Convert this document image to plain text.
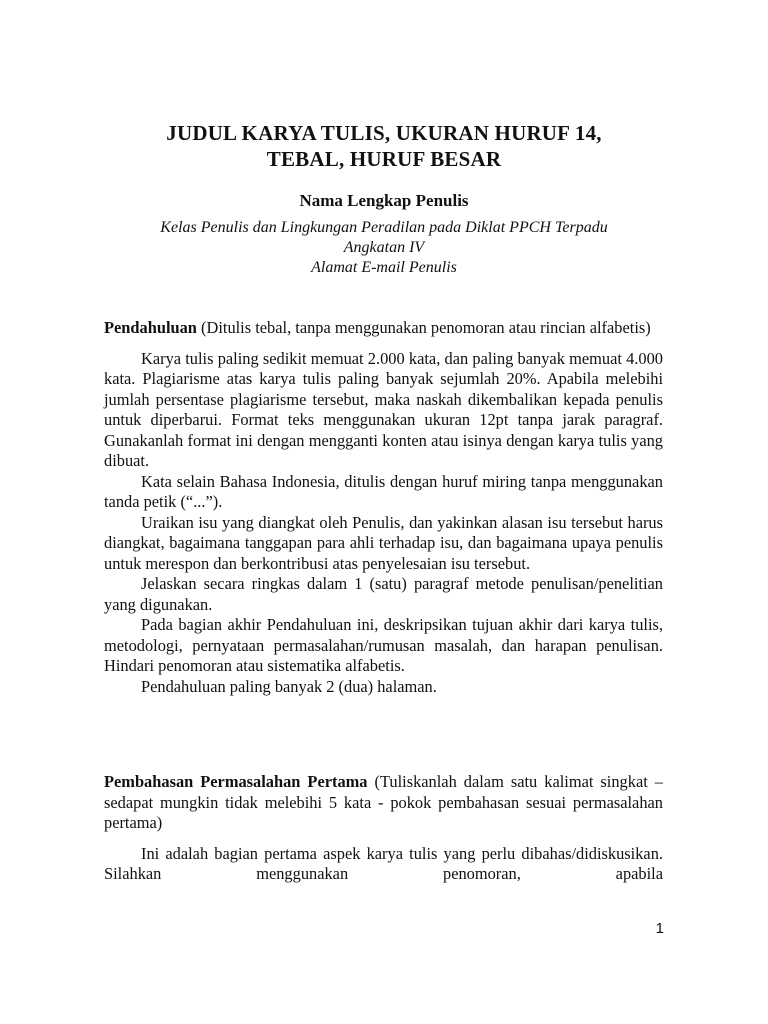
JUDUL KARYA TULIS, UKURAN HURUF 14,
TEBAL, HURUF BESAR
Nama Lengkap Penulis
Kelas Penulis dan Lingkungan Peradilan pada Diklat PPCH Terpadu
Angkatan IV
Alamat E-mail Penulis

Pendahuluan (Ditulis tebal, tanpa menggunakan penomoran atau rincian alfabetis)

Karya tulis paling sedikit memuat 2.000 kata, dan paling banyak memuat 4.000 kata. Plagiarisme atas karya tulis paling banyak sejumlah 20%. Apabila melebihi jumlah persentase plagiarisme tersebut, maka naskah dikembalikan kepada penulis untuk diperbarui. Format teks menggunakan ukuran 12pt tanpa jarak paragraf. Gunakanlah format ini dengan mengganti konten atau isinya dengan karya tulis yang dibuat.

Kata selain Bahasa Indonesia, ditulis dengan huruf miring tanpa menggunakan tanda petik (“...”).

Uraikan isu yang diangkat oleh Penulis, dan yakinkan alasan isu tersebut harus diangkat, bagaimana tanggapan para ahli terhadap isu, dan bagaimana upaya penulis untuk merespon dan berkontribusi atas penyelesaian isu tersebut.

Jelaskan secara ringkas dalam 1 (satu) paragraf metode penulisan/penelitian yang digunakan.

Pada bagian akhir Pendahuluan ini, deskripsikan tujuan akhir dari karya tulis, metodologi, pernyataan permasalahan/rumusan masalah, dan harapan penulisan. Hindari penomoran atau sistematika alfabetis.

Pendahuluan paling banyak 2 (dua) halaman.

Pembahasan Permasalahan Pertama (Tuliskanlah dalam satu kalimat singkat – sedapat mungkin tidak melebihi 5 kata - pokok pembahasan sesuai permasalahan pertama)

Ini adalah bagian pertama aspek karya tulis yang perlu dibahas/didiskusikan. Silahkan menggunakan penomoran, apabila

1
